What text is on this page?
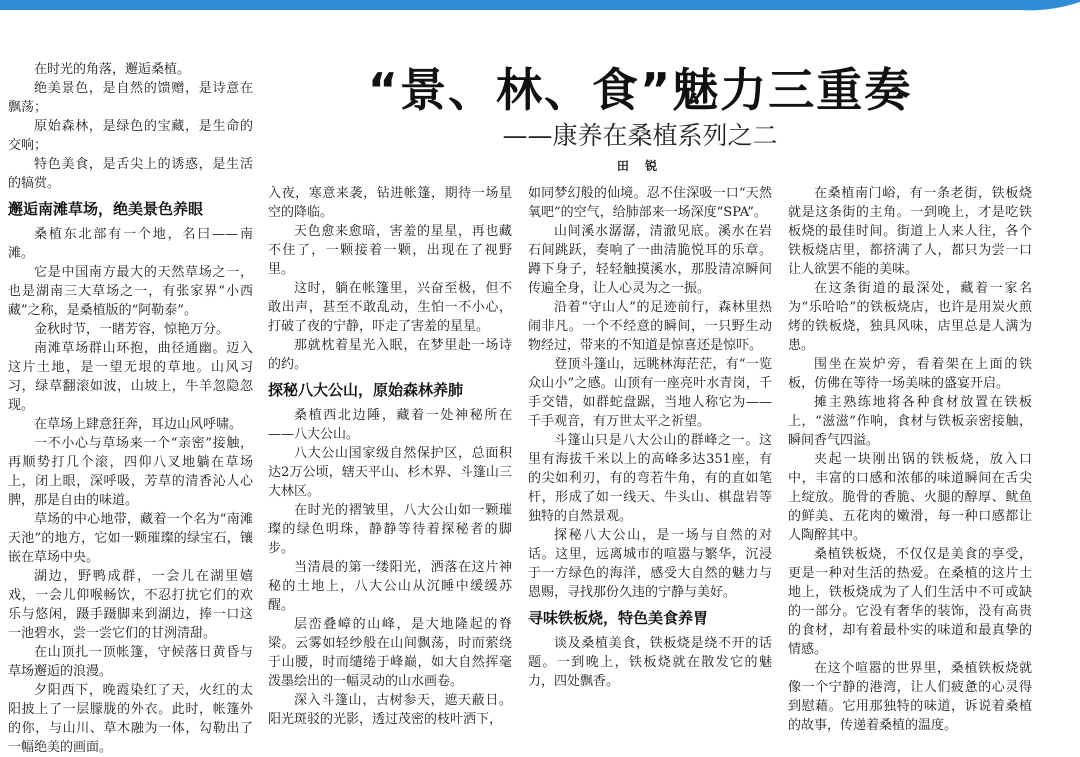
“景、林、食”魅力三重奏
——康养在桑植系列之二
田 锐

在时光的角落，邂逅桑植。

绝美景色，是自然的馈赠，是诗意在飘荡；

原始森林，是绿色的宝藏，是生命的交响；

特色美食，是舌尖上的诱惑，是生活的犒赏。

邂逅南滩草场，绝美景色养眼

桑植东北部有一个地，名曰——南滩。

它是中国南方最大的天然草场之一，也是湖南三大草场之一，有张家界“小西藏”之称，是桑植版的“阿勒泰”。

金秋时节，一睹芳容，惊艳万分。

南滩草场群山环抱，曲径通幽。迈入这片土地，是一望无垠的草地。山风习习，绿草翻滚如波，山坡上，牛羊忽隐忽现。

在草场上肆意狂奔，耳边山风呼啸。

一不小心与草场来一个“亲密”接触，再顺势打几个滚，四仰八叉地躺在草场上，闭上眼，深呼吸，芳草的清香沁人心脾，那是自由的味道。

草场的中心地带，藏着一个名为“南滩天池”的地方，它如一颗璀璨的绿宝石，镶嵌在草场中央。

湖边，野鸭成群，一会儿在湖里嬉戏，一会儿仰喉畅饮，不忍打扰它们的欢乐与悠闲，蹑手蹑脚来到湖边，捧一口这一池碧水，尝一尝它们的甘洌清甜。

在山顶扎一顶帐篷，守候落日黄昏与草场邂逅的浪漫。

夕阳西下，晚霞染红了天，火红的太阳披上了一层朦胧的外衣。此时，帐篷外的你，与山川、草木融为一体，勾勒出了一幅绝美的画面。

入夜，寒意来袭，钻进帐篷，期待一场星空的降临。

天色愈来愈暗，害羞的星星，再也藏不住了，一颗接着一颗，出现在了视野里。

这时，躺在帐篷里，兴奋至极，但不敢出声，甚至不敢乱动，生怕一不小心，打破了夜的宁静，吓走了害羞的星星。

那就枕着星光入眠，在梦里赴一场诗的约。

探秘八大公山，原始森林养肺

桑植西北边陲，藏着一处神秘所在——八大公山。

八大公山国家级自然保护区，总面积达2万公顷，辖天平山、杉木界、斗篷山三大林区。

在时光的褶皱里，八大公山如一颗璀璨的绿色明珠，静静等待着探秘者的脚步。

当清晨的第一缕阳光，洒落在这片神秘的土地上，八大公山从沉睡中缓缓苏醒。

层峦叠嶂的山峰，是大地隆起的脊梁。云雾如轻纱般在山间飘荡，时而萦绕于山腰，时而缱绻于峰巅，如大自然挥毫泼墨绘出的一幅灵动的山水画卷。

深入斗篷山，古树参天，遮天蔽日。阳光斑驳的光影，透过茂密的枝叶洒下，

如同梦幻般的仙境。忍不住深吸一口“天然氧吧”的空气，给肺部来一场深度“SPA”。

山间溪水潺潺，清澈见底。溪水在岩石间跳跃，奏响了一曲清脆悦耳的乐章。蹲下身子，轻轻触摸溪水，那股清凉瞬间传遍全身，让人心灵为之一振。

沿着“守山人”的足迹前行，森林里热闹非凡。一个不经意的瞬间，一只野生动物经过，带来的不知道是惊喜还是惊吓。

登顶斗篷山，远眺林海茫茫，有“一览众山小”之感。山顶有一座亮叶水青岗，千手交错，如群蛇盘踞，当地人称它为——千手观音，有万世太平之祈望。

斗篷山只是八大公山的群峰之一。这里有海拔千米以上的高峰多达351座，有的尖如利刃，有的弯若牛角，有的直如笔杆，形成了如一线天、牛头山、棋盘岩等独特的自然景观。

探秘八大公山，是一场与自然的对话。这里，远离城市的喧嚣与繁华，沉浸于一方绿色的海洋，感受大自然的魅力与恩赐，寻找那份久违的宁静与美好。

寻味铁板烧，特色美食养胃

谈及桑植美食，铁板烧是绕不开的话题。一到晚上，铁板烧就在散发它的魅力，四处飘香。

在桑植南门峪，有一条老街，铁板烧就是这条街的主角。一到晚上，才是吃铁板烧的最佳时间。街道上人来人往，各个铁板烧店里，都挤满了人，都只为尝一口让人欲罢不能的美味。

在这条街道的最深处，藏着一家名为“乐哈哈”的铁板烧店，也许是用炭火煎烤的铁板烧，独具风味，店里总是人满为患。

围坐在炭炉旁，看着架在上面的铁板，仿佛在等待一场美味的盛宴开启。

摊主熟练地将各种食材放置在铁板上，“滋滋”作响，食材与铁板亲密接触，瞬间香气四溢。

夹起一块刚出锅的铁板烧，放入口中，丰富的口感和浓郁的味道瞬间在舌尖上绽放。脆骨的香脆、火腿的醇厚、鱿鱼的鲜美、五花肉的嫩滑，每一种口感都让人陶醉其中。

桑植铁板烧，不仅仅是美食的享受，更是一种对生活的热爱。在桑植的这片土地上，铁板烧成为了人们生活中不可或缺的一部分。它没有奢华的装饰，没有高贵的食材，却有着最朴实的味道和最真挚的情感。

在这个喧嚣的世界里，桑植铁板烧就像一个宁静的港湾，让人们疲惫的心灵得到慰藉。它用那独特的味道，诉说着桑植的故事，传递着桑植的温度。
